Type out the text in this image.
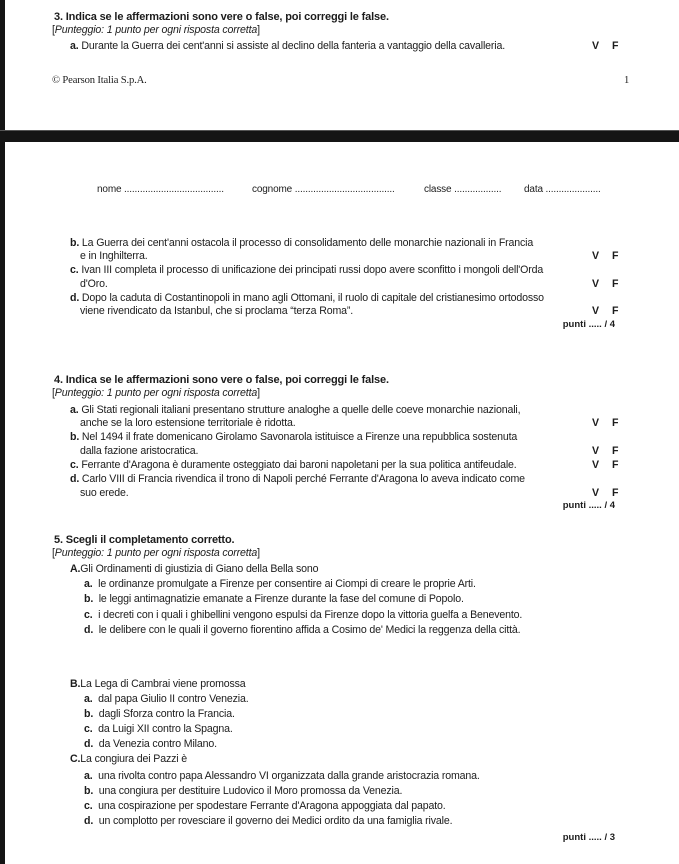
3. Indica se le affermazioni sono vere o false, poi correggi le false.
[Punteggio: 1 punto per ogni risposta corretta]
a. Durante la Guerra dei cent'anni si assiste al declino della fanteria a vantaggio della cavalleria.	V F
© Pearson Italia S.p.A.	1
nome ......................................	cognome ......................................	classe .................. data .....................
b. La Guerra dei cent'anni ostacola il processo di consolidamento delle monarchie nazionali in Francia
e in Inghilterra.	V F
c. Ivan III completa il processo di unificazione dei principati russi dopo avere sconfitto i mongoli dell'Orda
d'Oro.	V F
d. Dopo la caduta di Costantinopoli in mano agli Ottomani, il ruolo di capitale del cristianesimo ortodosso
viene rivendicato da Istanbul, che si proclama “terza Roma”.	V F
punti ..... / 4
4. Indica se le affermazioni sono vere o false, poi correggi le false.
[Punteggio: 1 punto per ogni risposta corretta]
a. Gli Stati regionali italiani presentano strutture analoghe a quelle delle coeve monarchie nazionali,
anche se la loro estensione territoriale è ridotta.	V F
b. Nel 1494 il frate domenicano Girolamo Savonarola istituisce a Firenze una repubblica sostenuta
dalla fazione aristocratica.	V F
c. Ferrante d'Aragona è duramente osteggiato dai baroni napoletani per la sua politica antifeudale.	V F
d. Carlo VIII di Francia rivendica il trono di Napoli perché Ferrante d'Aragona lo aveva indicato come
suo erede.	V F
punti ..... / 4
5. Scegli il completamento corretto.
[Punteggio: 1 punto per ogni risposta corretta]
A.Gli Ordinamenti di giustizia di Giano della Bella sono
a. le ordinanze promulgate a Firenze per consentire ai Ciompi di creare le proprie Arti.
b. le leggi antimagnatizie emanate a Firenze durante la fase del comune di Popolo.
c. i decreti con i quali i ghibellini vengono espulsi da Firenze dopo la vittoria guelfa a Benevento.
d. le delibere con le quali il governo fiorentino affida a Cosimo de' Medici la reggenza della città.
B.La Lega di Cambrai viene promossa
a. dal papa Giulio II contro Venezia.
b. dagli Sforza contro la Francia.
c. da Luigi XII contro la Spagna.
d. da Venezia contro Milano.
C.La congiura dei Pazzi è
a. una rivolta contro papa Alessandro VI organizzata dalla grande aristocrazia romana.
b. una congiura per destituire Ludovico il Moro promossa da Venezia.
c. una cospirazione per spodestare Ferrante d'Aragona appoggiata dal papato.
d. un complotto per rovesciare il governo dei Medici ordito da una famiglia rivale.
punti ..... / 3
